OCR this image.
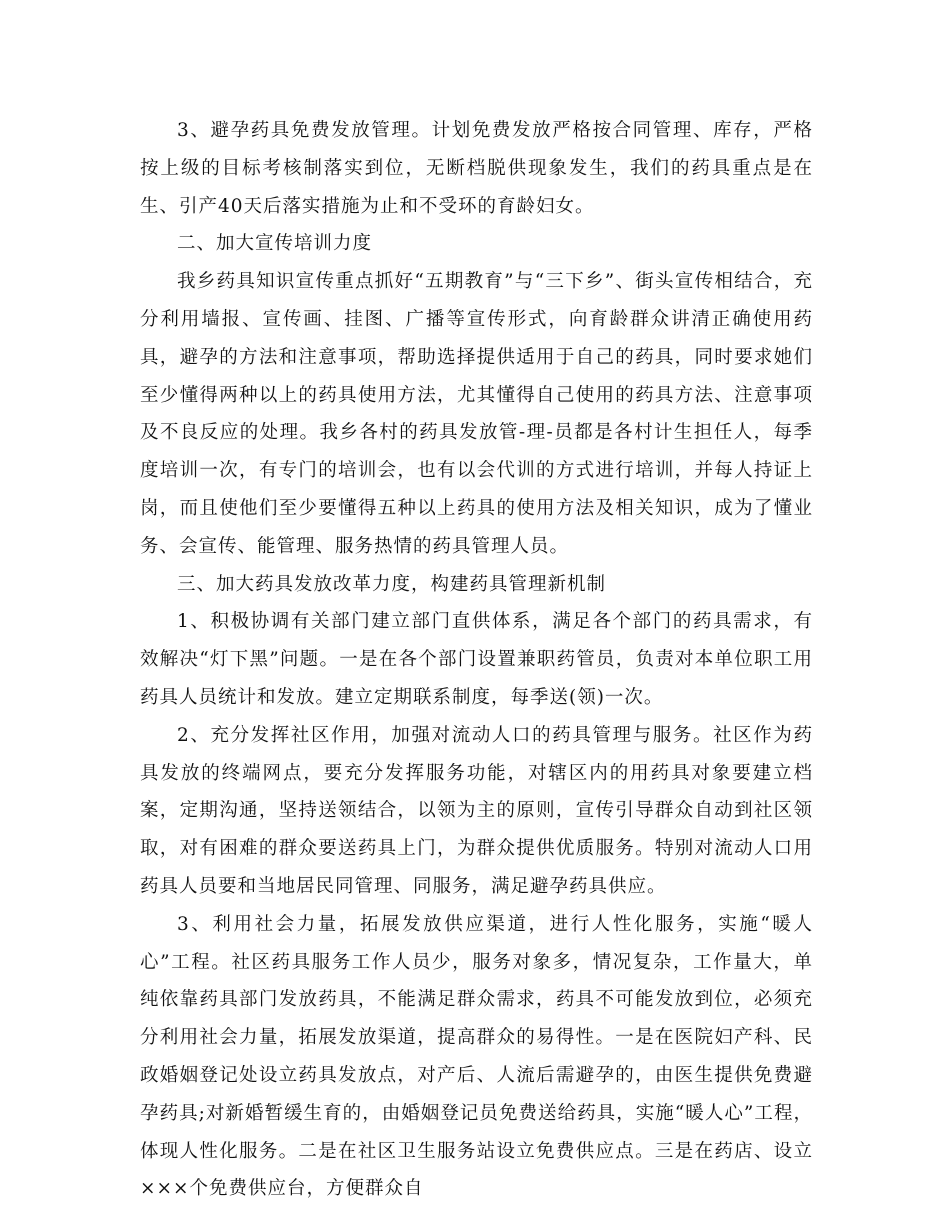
3、避孕药具免费发放管理。计划免费发放严格按合同管理、库存，严格按上级的目标考核制落实到位，无断档脱供现象发生，我们的药具重点是在生、引产40天后落实措施为止和不受环的育龄妇女。

二、加大宣传培训力度

我乡药具知识宣传重点抓好“五期教育”与“三下乡”、街头宣传相结合，充分利用墙报、宣传画、挂图、广播等宣传形式，向育龄群众讲清正确使用药具，避孕的方法和注意事项，帮助选择提供适用于自己的药具，同时要求她们至少懂得两种以上的药具使用方法，尤其懂得自己使用的药具方法、注意事项及不良反应的处理。我乡各村的药具发放管-理-员都是各村计生担任人，每季度培训一次，有专门的培训会，也有以会代训的方式进行培训，并每人持证上岗，而且使他们至少要懂得五种以上药具的使用方法及相关知识，成为了懂业务、会宣传、能管理、服务热情的药具管理人员。

三、加大药具发放改革力度，构建药具管理新机制

1、积极协调有关部门建立部门直供体系，满足各个部门的药具需求，有效解决“灯下黑”问题。一是在各个部门设置兼职药管员，负责对本单位职工用药具人员统计和发放。建立定期联系制度，每季送(领)一次。

2、充分发挥社区作用，加强对流动人口的药具管理与服务。社区作为药具发放的终端网点，要充分发挥服务功能，对辖区内的用药具对象要建立档案，定期沟通，坚持送领结合，以领为主的原则，宣传引导群众自动到社区领取，对有困难的群众要送药具上门，为群众提供优质服务。特别对流动人口用药具人员要和当地居民同管理、同服务，满足避孕药具供应。

3、利用社会力量，拓展发放供应渠道，进行人性化服务，实施“暖人心”工程。社区药具服务工作人员少，服务对象多，情况复杂，工作量大，单纯依靠药具部门发放药具，不能满足群众需求，药具不可能发放到位，必须充分利用社会力量，拓展发放渠道，提高群众的易得性。一是在医院妇产科、民政婚姻登记处设立药具发放点，对产后、人流后需避孕的，由医生提供免费避孕药具;对新婚暂缓生育的，由婚姻登记员免费送给药具，实施“暖人心”工程，体现人性化服务。二是在社区卫生服务站设立免费供应点。三是在药店、设立×××个免费供应台，方便群众自
